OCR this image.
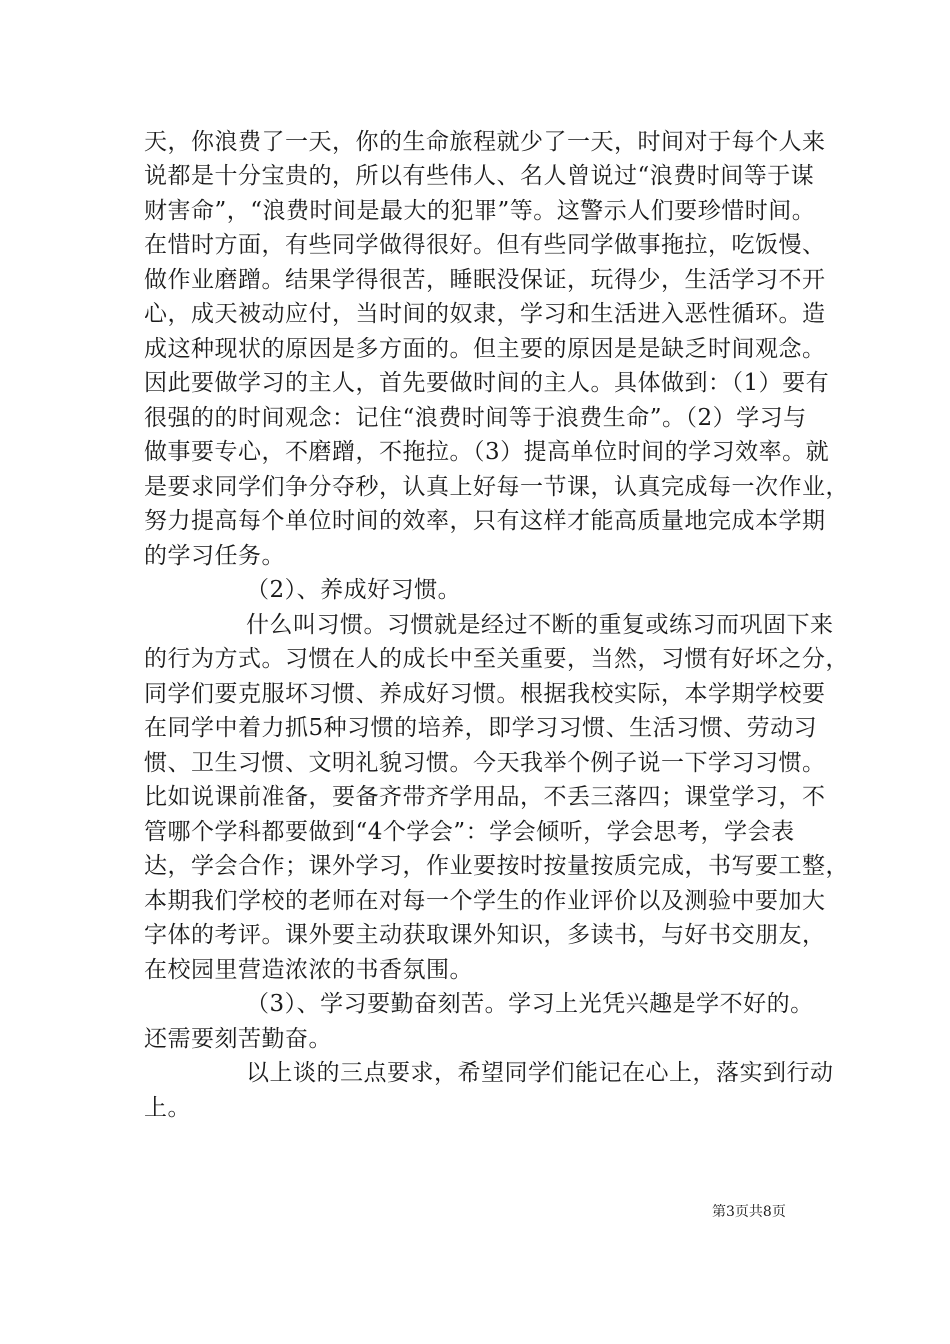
天，你浪费了一天，你的生命旅程就少了一天，时间对于每个人来
说都是十分宝贵的，所以有些伟人、名人曾说过“浪费时间等于谋
财害命”，“浪费时间是最大的犯罪”等。这警示人们要珍惜时间。
在惜时方面，有些同学做得很好。但有些同学做事拖拉，吃饭慢、
做作业磨蹭。结果学得很苦，睡眠没保证，玩得少，生活学习不开
心，成天被动应付，当时间的奴隶，学习和生活进入恶性循环。造
成这种现状的原因是多方面的。但主要的原因是是缺乏时间观念。
因此要做学习的主人，首先要做时间的主人。具体做到：（1）要有
很强的的时间观念：记住“浪费时间等于浪费生命”。（2）学习与
做事要专心，不磨蹭，不拖拉。（3）提高单位时间的学习效率。就
是要求同学们争分夺秒，认真上好每一节课，认真完成每一次作业，
努力提高每个单位时间的效率，只有这样才能高质量地完成本学期
的学习任务。
（2）、养成好习惯。
什么叫习惯。习惯就是经过不断的重复或练习而巩固下来
的行为方式。习惯在人的成长中至关重要，当然，习惯有好坏之分，
同学们要克服坏习惯、养成好习惯。根据我校实际，本学期学校要
在同学中着力抓5种习惯的培养，即学习习惯、生活习惯、劳动习
惯、卫生习惯、文明礼貌习惯。今天我举个例子说一下学习习惯。
比如说课前准备，要备齐带齐学用品，不丢三落四；课堂学习，不
管哪个学科都要做到“4个学会”：学会倾听，学会思考，学会表
达，学会合作；课外学习，作业要按时按量按质完成，书写要工整，
本期我们学校的老师在对每一个学生的作业评价以及测验中要加大
字体的考评。课外要主动获取课外知识，多读书，与好书交朋友，
在校园里营造浓浓的书香氛围。
（3）、学习要勤奋刻苦。学习上光凭兴趣是学不好的。
还需要刻苦勤奋。
以上谈的三点要求，希望同学们能记在心上，落实到行动
上。
第3页共8页
